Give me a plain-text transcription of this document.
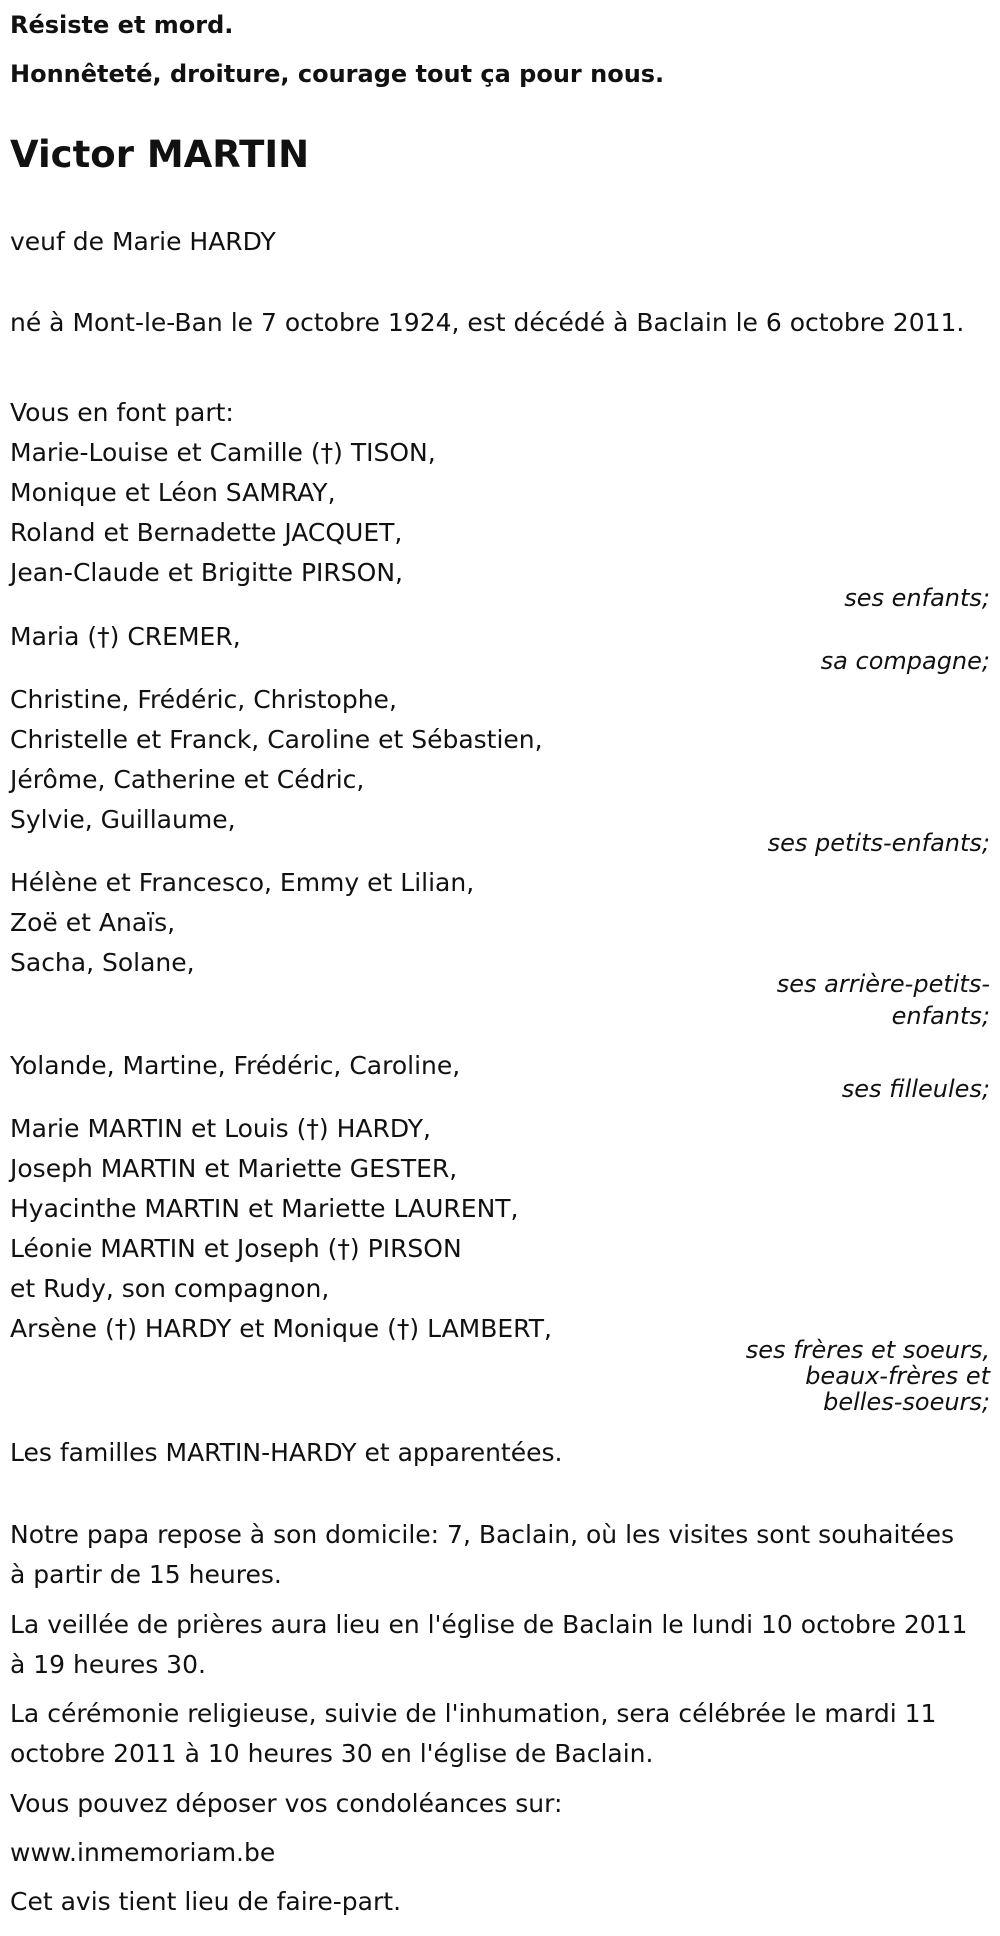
Résiste et mord.

Honnêteté, droiture, courage tout ça pour nous.

Victor MARTIN

veuf de Marie HARDY

né à Mont-le-Ban le 7 octobre 1924, est décédé à Baclain le 6 octobre 2011.

Vous en font part:

Marie-Louise et Camille (†) TISON,
Monique et Léon SAMRAY,
Roland et Bernadette JACQUET,
Jean-Claude et Brigitte PIRSON,

ses enfants;

Maria (†) CREMER,

sa compagne;

Christine, Frédéric, Christophe,
Christelle et Franck, Caroline et Sébastien,
Jérôme, Catherine et Cédric,
Sylvie, Guillaume,

ses petits-enfants;

Hélène et Francesco, Emmy et Lilian,
Zoë et Anaïs,
Sacha, Solane,

ses arrière-petits-enfants;

Yolande, Martine, Frédéric, Caroline,

ses filleules;

Marie MARTIN et Louis (†) HARDY,
Joseph MARTIN et Mariette GESTER,
Hyacinthe MARTIN et Mariette LAURENT,
Léonie MARTIN et Joseph (†) PIRSON
et Rudy, son compagnon,
Arsène (†) HARDY et Monique (†) LAMBERT,

ses frères et soeurs, beaux-frères et belles-soeurs;

Les familles MARTIN-HARDY et apparentées.

Notre papa repose à son domicile: 7, Baclain, où les visites sont souhaitées à partir de 15 heures.

La veillée de prières aura lieu en l'église de Baclain le lundi 10 octobre 2011 à 19 heures 30.

La cérémonie religieuse, suivie de l'inhumation, sera célébrée le mardi 11 octobre 2011 à 10 heures 30 en l'église de Baclain.

Vous pouvez déposer vos condoléances sur:

www.inmemoriam.be

Cet avis tient lieu de faire-part.
